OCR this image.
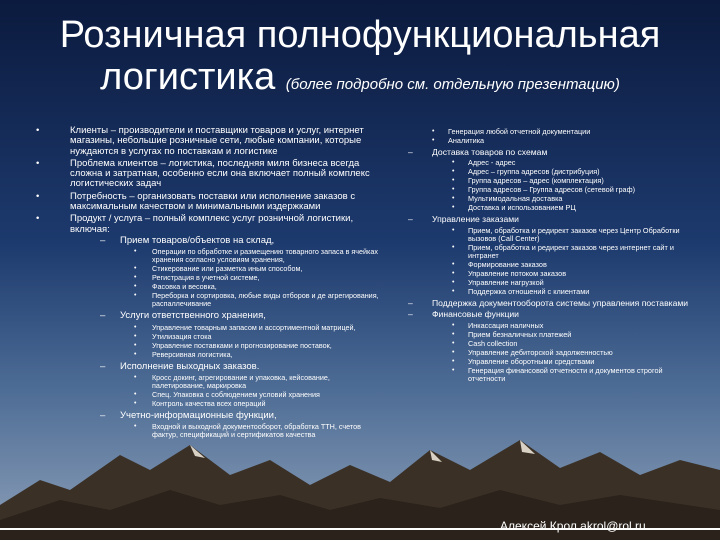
Розничная полнофункциональная
логистика (более подробно см. отдельную презентацию)
•	Клиенты – производители и поставщики товаров и услуг, интернет магазины, небольшие розничные сети, любые компании, которые нуждаются в услугах по поставкам и логистике
•	Проблема клиентов – логистика, последняя миля бизнеса всегда сложна и затратная, особенно если она включает полный комплекс логистических задач
•	Потребность – организовать поставки или исполнение заказов с максимальным качеством и минимальными издержками
•	Продукт / услуга – полный комплекс услуг розничной логистики, включая:
– Прием товаров/объектов на склад,
• Операции по обработке и размещению товарного запаса в ячейках хранения согласно условиям хранения,
• Стикерование или разметка иным способом,
• Регистрация в учетной системе,
• Фасовка и весовка,
• Переборка и сортировка, любые виды отборов и де агрегирования, распаллечивание
– Услуги ответственного хранения,
• Управление товарным запасом и ассортиментной матрицей,
• Утилизация стока
• Управление поставками и прогнозирование поставок,
• Реверсивная логистика,
– Исполнение выходных заказов.
• Кросс докинг, агрегирование и упаковка, кейсование, палетирование, маркировка
• Спец. Упаковка с соблюдением условий хранения
• Контроль качества всех операций
– Учетно-информационные функции,
• Входной и выходной документооборот, обработка ТТН, счетов фактур, спецификаций и сертификатов качества
• Генерация любой отчетной документации
• Аналитика
– Доставка товаров по схемам
• Адрес - адрес
• Адрес – группа адресов (дистрибуция)
• Группа адресов – адрес (комплектация)
• Группа адресов – Группа адресов (сетевой граф)
• Мультимодальная доставка
• Доставка и использованием РЦ
– Управление заказами
• Прием, обработка и редирект заказов через Центр Обработки вызовов (Call Center)
• Прием, обработка и редирект заказов через интернет сайт и интранет
• Формирование заказов
• Управление потоком заказов
• Управление нагрузкой
• Поддержка отношений с клиентами
– Поддержка документооборота системы управления поставками
– Финансовые функции
• Инкассация наличных
• Прием безналичных платежей
• Cash collection
• Управление дебиторской задолженностью
• Управление оборотными средствами
• Генерация финансовой отчетности и документов строгой отчетности
Алексей Крол akrol@rol.ru
